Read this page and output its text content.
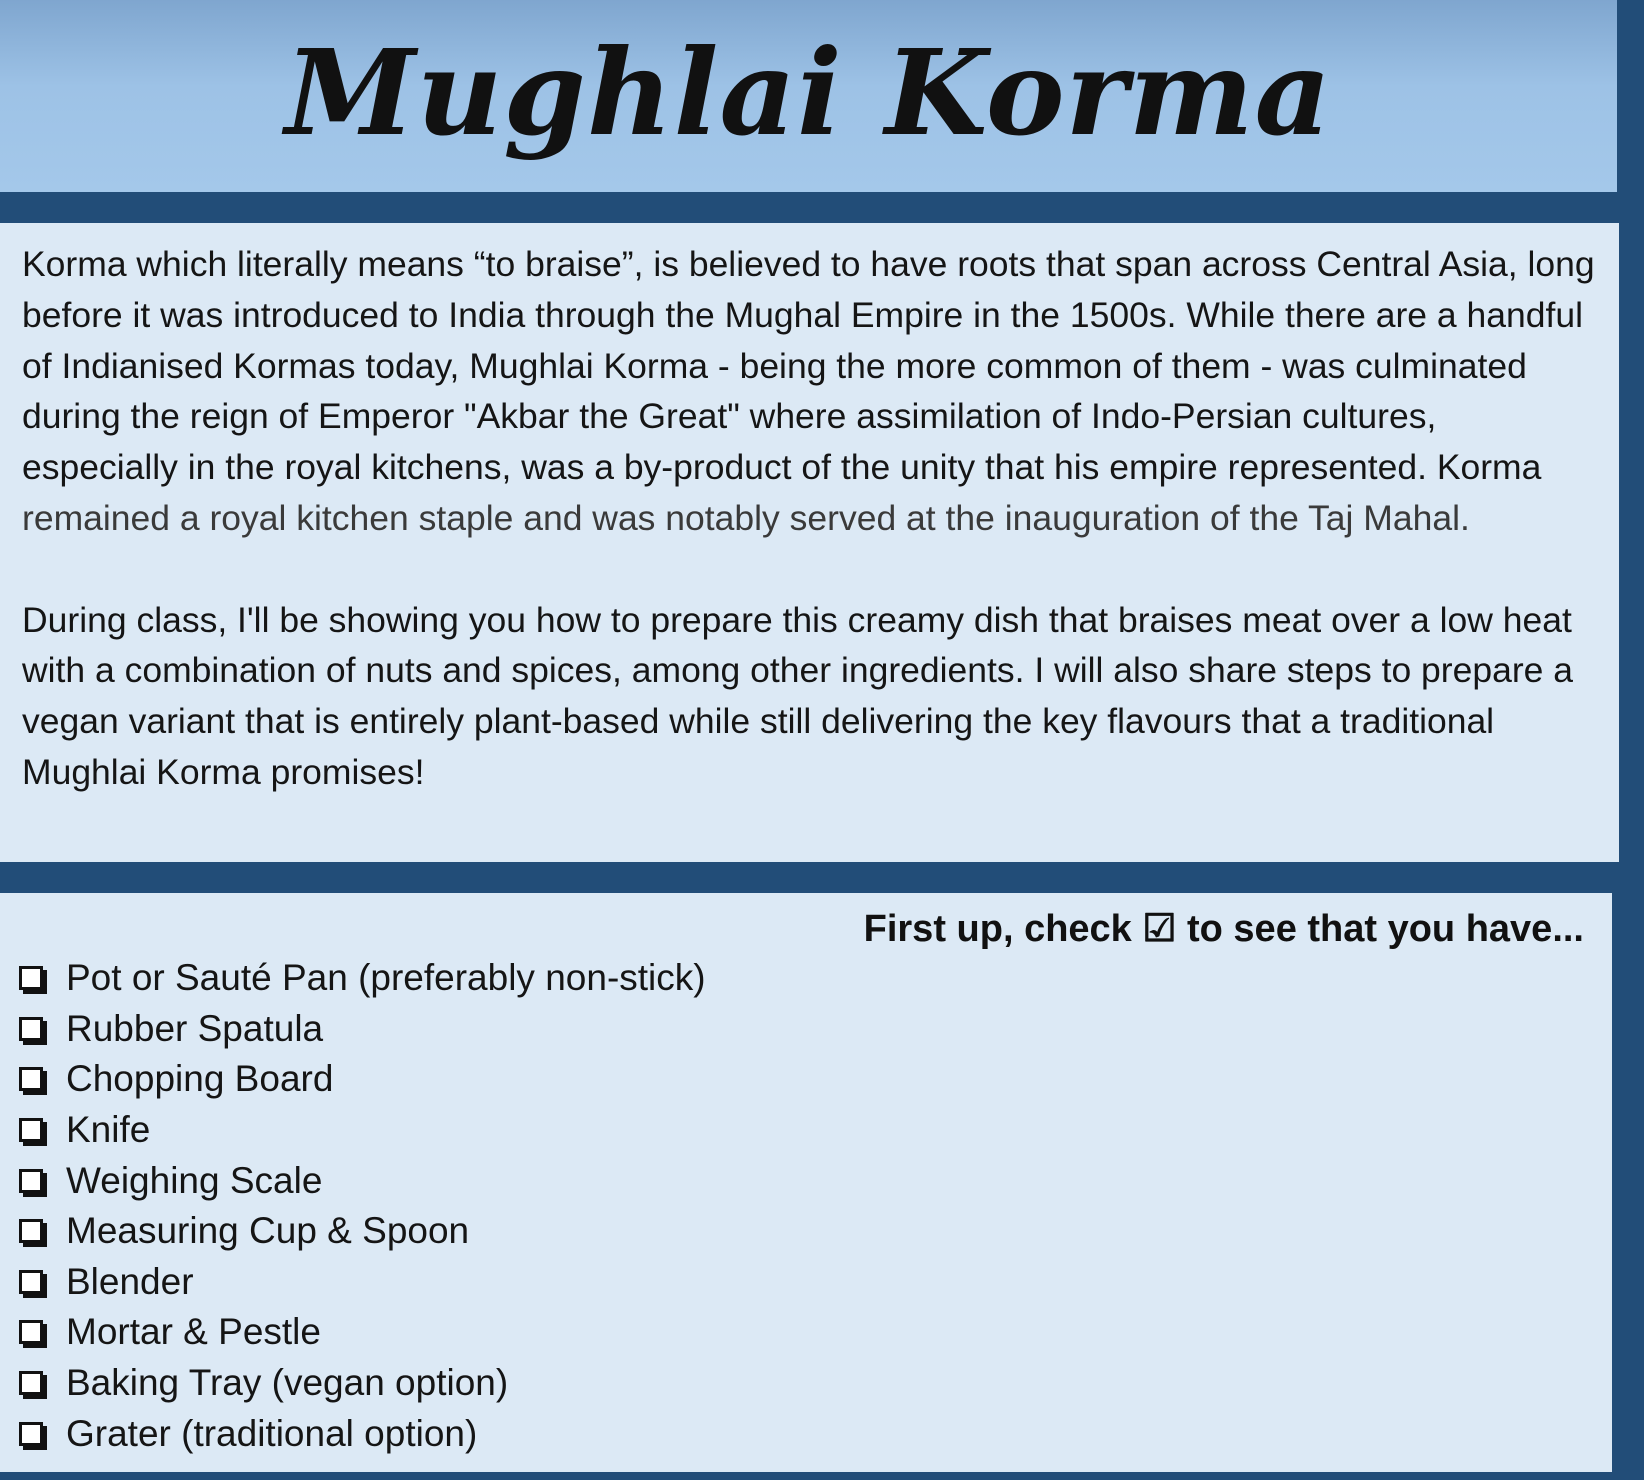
Mughlai Korma

Korma which literally means “to braise”, is believed to have roots that span across Central Asia, long before it was introduced to India through the Mughal Empire in the 1500s. While there are a handful of Indianised Kormas today, Mughlai Korma - being the more common of them - was culminated during the reign of Emperor "Akbar the Great" where assimilation of Indo-Persian cultures, especially in the royal kitchens, was a by-product of the unity that his empire represented. Korma remained a royal kitchen staple and was notably served at the inauguration of the Taj Mahal.

During class, I'll be showing you how to prepare this creamy dish that braises meat over a low heat with a combination of nuts and spices, among other ingredients. I will also share steps to prepare a vegan variant that is entirely plant-based while still delivering the key flavours that a traditional Mughlai Korma promises!

First up, check ☑ to see that you have...
Pot or Sauté Pan (preferably non-stick)
Rubber Spatula
Chopping Board
Knife
Weighing Scale
Measuring Cup & Spoon
Blender
Mortar & Pestle
Baking Tray (vegan option)
Grater (traditional option)
